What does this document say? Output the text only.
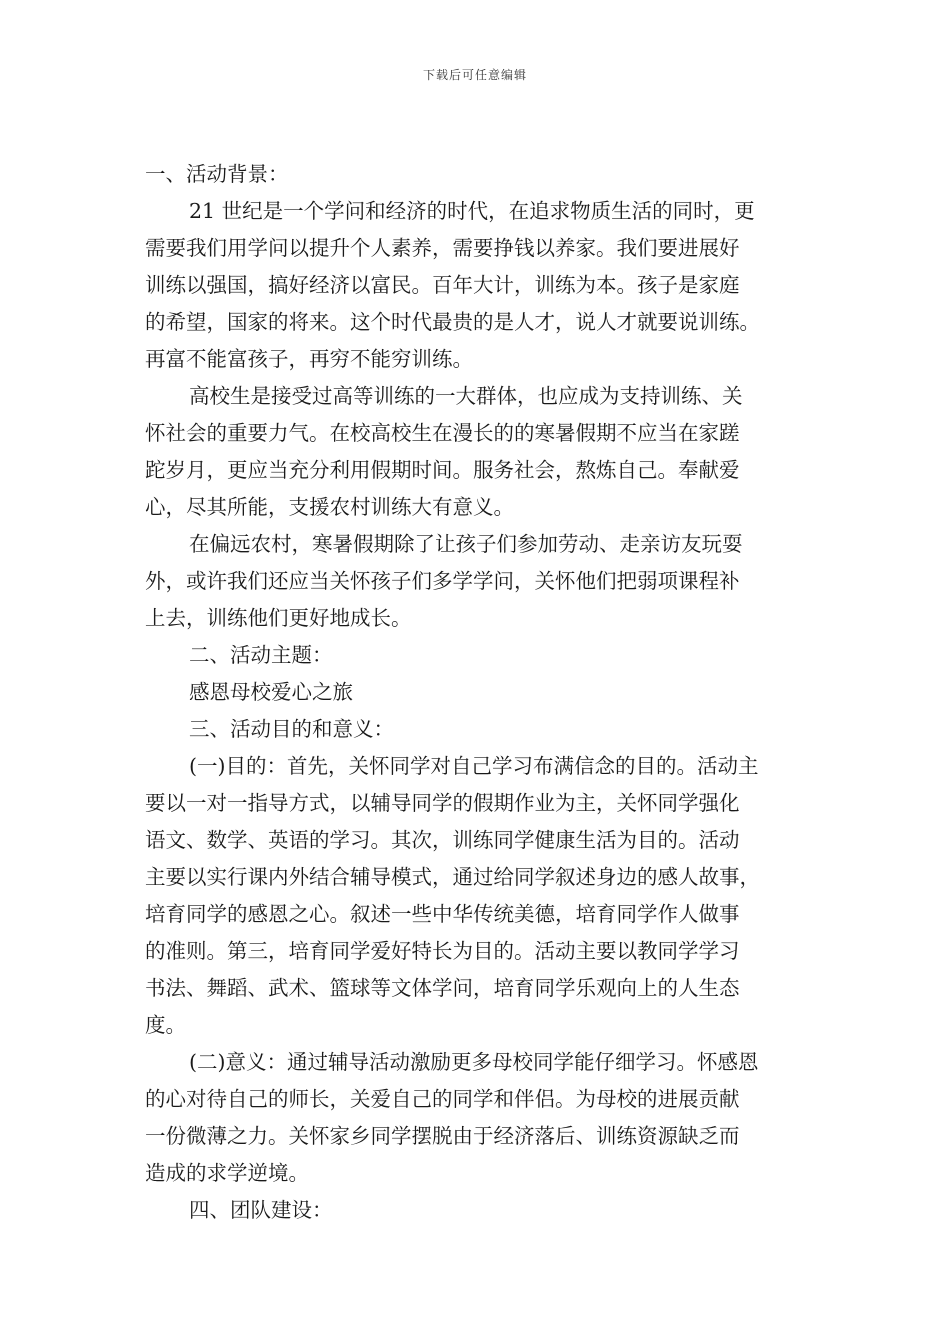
下载后可任意编辑
一、活动背景：
21 世纪是一个学问和经济的时代，在追求物质生活的同时，更
需要我们用学问以提升个人素养，需要挣钱以养家。我们要进展好
训练以强国，搞好经济以富民。百年大计，训练为本。孩子是家庭
的希望，国家的将来。这个时代最贵的是人才，说人才就要说训练。
再富不能富孩子，再穷不能穷训练。
高校生是接受过高等训练的一大群体，也应成为支持训练、关
怀社会的重要力气。在校高校生在漫长的的寒暑假期不应当在家蹉
跎岁月，更应当充分利用假期时间。服务社会，熬炼自己。奉献爱
心，尽其所能，支援农村训练大有意义。
在偏远农村，寒暑假期除了让孩子们参加劳动、走亲访友玩耍
外，或许我们还应当关怀孩子们多学学问，关怀他们把弱项课程补
上去，训练他们更好地成长。
二、活动主题：
感恩母校爱心之旅
三、活动目的和意义：
(一)目的：首先，关怀同学对自己学习布满信念的目的。活动主
要以一对一指导方式，以辅导同学的假期作业为主，关怀同学强化
语文、数学、英语的学习。其次，训练同学健康生活为目的。活动
主要以实行课内外结合辅导模式，通过给同学叙述身边的感人故事，
培育同学的感恩之心。叙述一些中华传统美德，培育同学作人做事
的准则。第三，培育同学爱好特长为目的。活动主要以教同学学习
书法、舞蹈、武术、篮球等文体学问，培育同学乐观向上的人生态
度。
(二)意义：通过辅导活动激励更多母校同学能仔细学习。怀感恩
的心对待自己的师长，关爱自己的同学和伴侣。为母校的进展贡献
一份微薄之力。关怀家乡同学摆脱由于经济落后、训练资源缺乏而
造成的求学逆境。
四、团队建设：
